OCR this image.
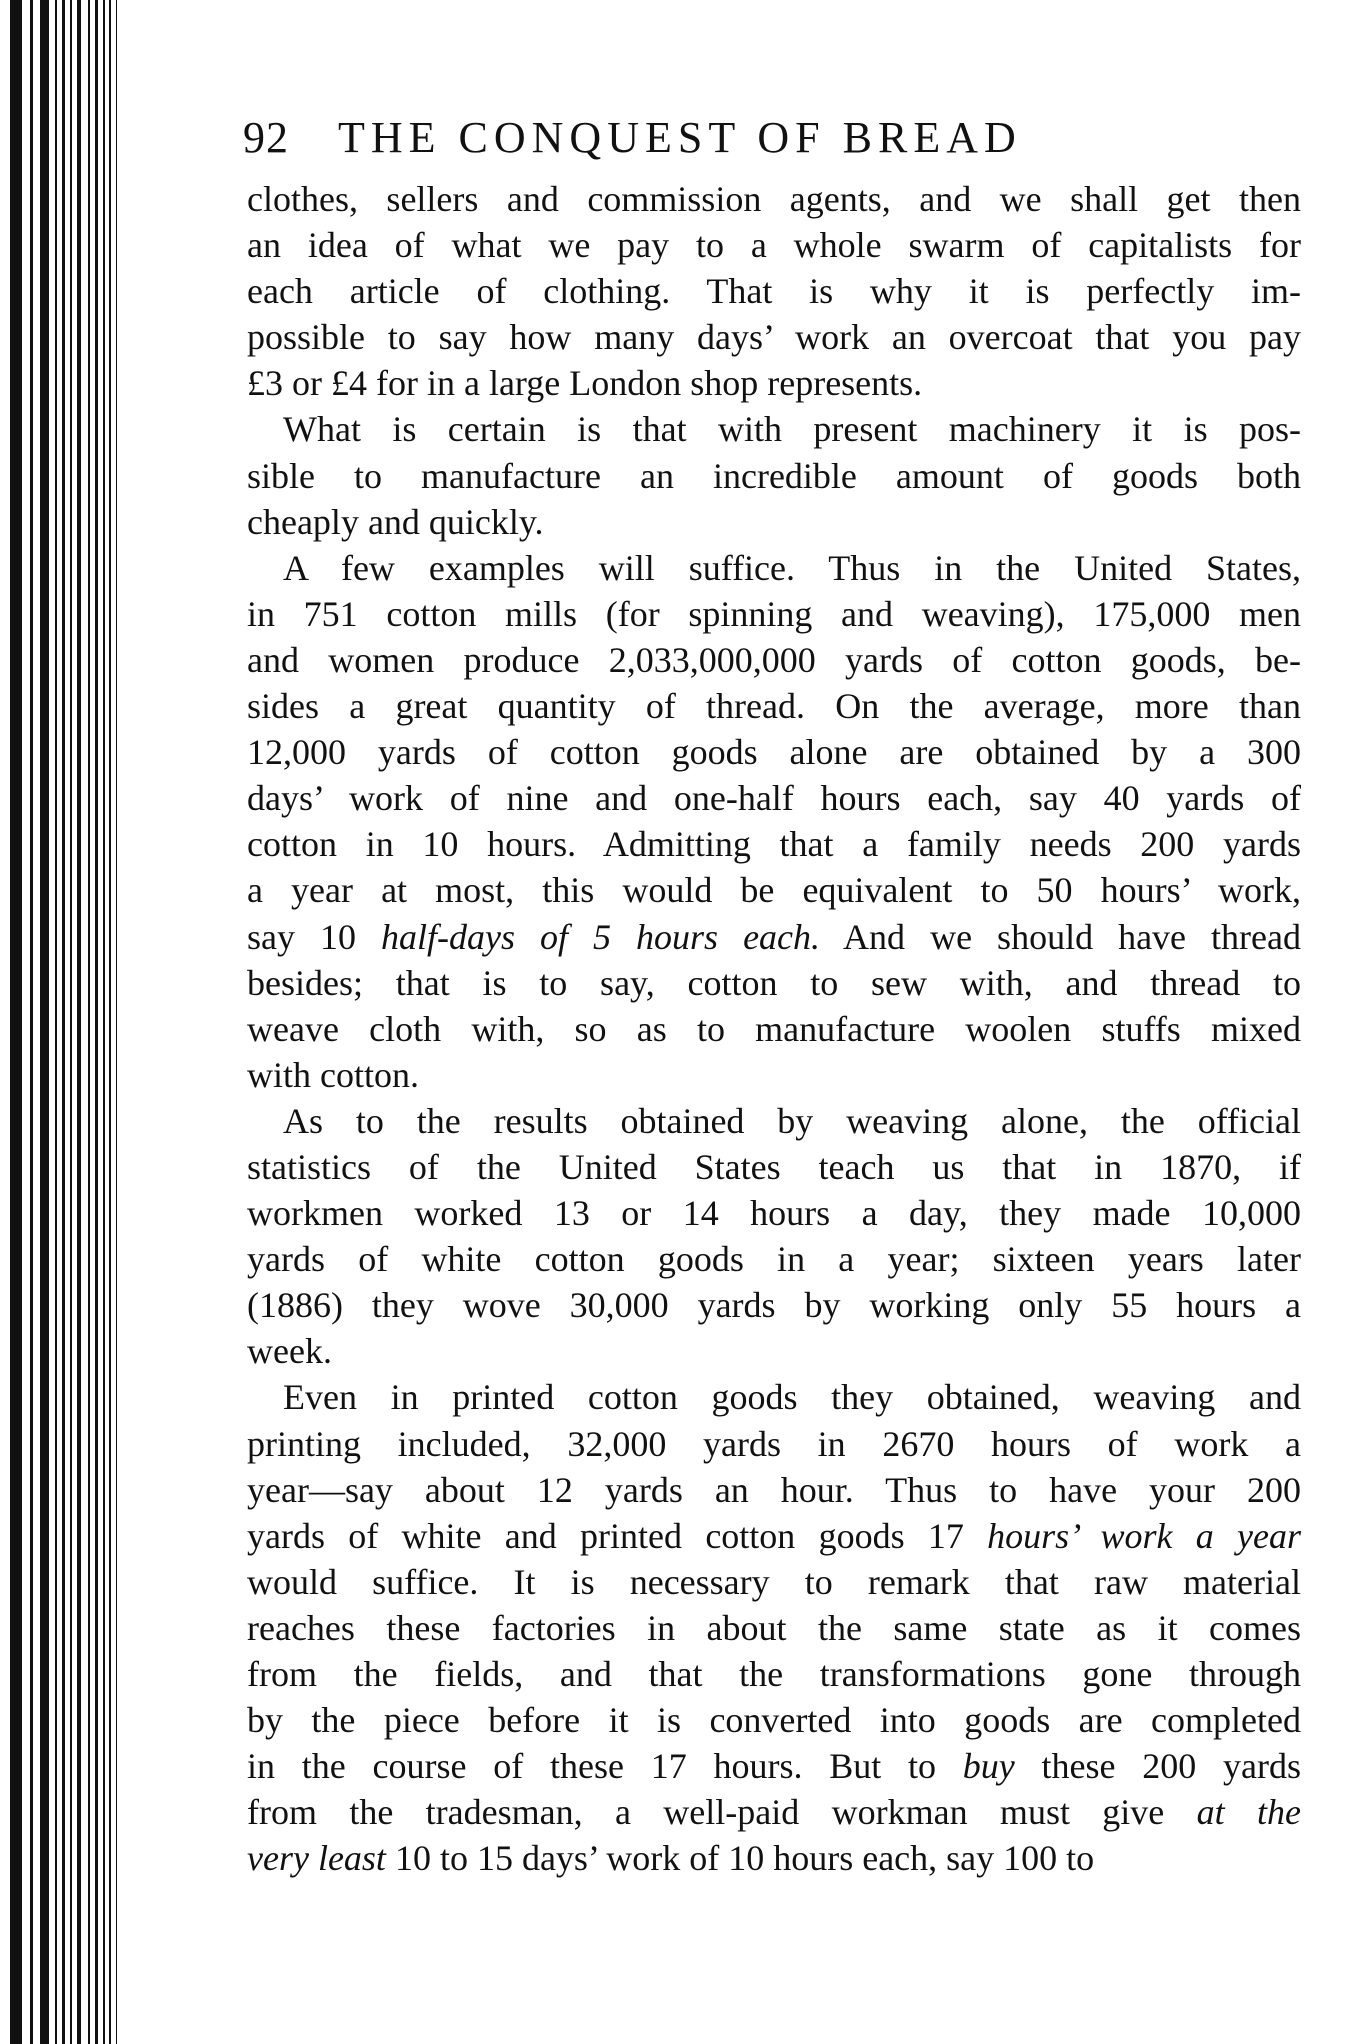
92 THE CONQUEST OF BREAD
clothes, sellers and commission agents, and we shall get then
an idea of what we pay to a whole swarm of capitalists for
each article of clothing. That is why it is perfectly im-
possible to say how many days’ work an overcoat that you pay
£3 or £4 for in a large London shop represents.
What is certain is that with present machinery it is pos-
sible to manufacture an incredible amount of goods both
cheaply and quickly.
A few examples will suffice. Thus in the United States,
in 751 cotton mills (for spinning and weaving), 175,000 men
and women produce 2,033,000,000 yards of cotton goods, be-
sides a great quantity of thread. On the average, more than
12,000 yards of cotton goods alone are obtained by a 300
days’ work of nine and one-half hours each, say 40 yards of
cotton in 10 hours. Admitting that a family needs 200 yards
a year at most, this would be equivalent to 50 hours’ work,
say 10 half-days of 5 hours each. And we should have thread
besides; that is to say, cotton to sew with, and thread to
weave cloth with, so as to manufacture woolen stuffs mixed
with cotton.
As to the results obtained by weaving alone, the official
statistics of the United States teach us that in 1870, if
workmen worked 13 or 14 hours a day, they made 10,000
yards of white cotton goods in a year; sixteen years later
(1886) they wove 30,000 yards by working only 55 hours a
week.
Even in printed cotton goods they obtained, weaving and
printing included, 32,000 yards in 2670 hours of work a
year—say about 12 yards an hour. Thus to have your 200
yards of white and printed cotton goods 17 hours’ work a year
would suffice. It is necessary to remark that raw material
reaches these factories in about the same state as it comes
from the fields, and that the transformations gone through
by the piece before it is converted into goods are completed
in the course of these 17 hours. But to buy these 200 yards
from the tradesman, a well-paid workman must give at the
very least 10 to 15 days’ work of 10 hours each, say 100 to
